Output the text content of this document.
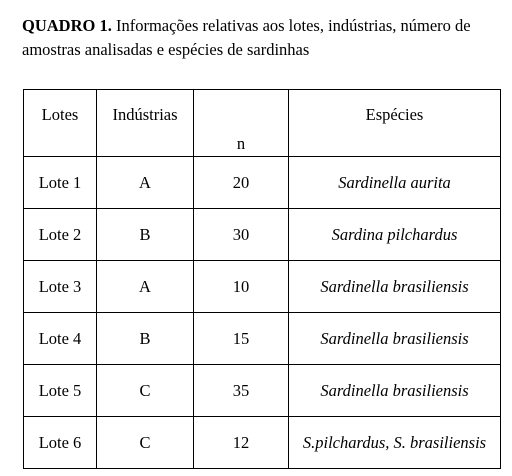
QUADRO 1. Informações relativas aos lotes, indústrias, número de amostras analisadas e espécies de sardinhas
Lotes	Indústrias	n	Espécies
Lote 1	A	20	Sardinella aurita
Lote 2	B	30	Sardina pilchardus
Lote 3	A	10	Sardinella brasiliensis
Lote 4	B	15	Sardinella brasiliensis
Lote 5	C	35	Sardinella brasiliensis
Lote 6	C	12	S.pilchardus, S. brasiliensis
